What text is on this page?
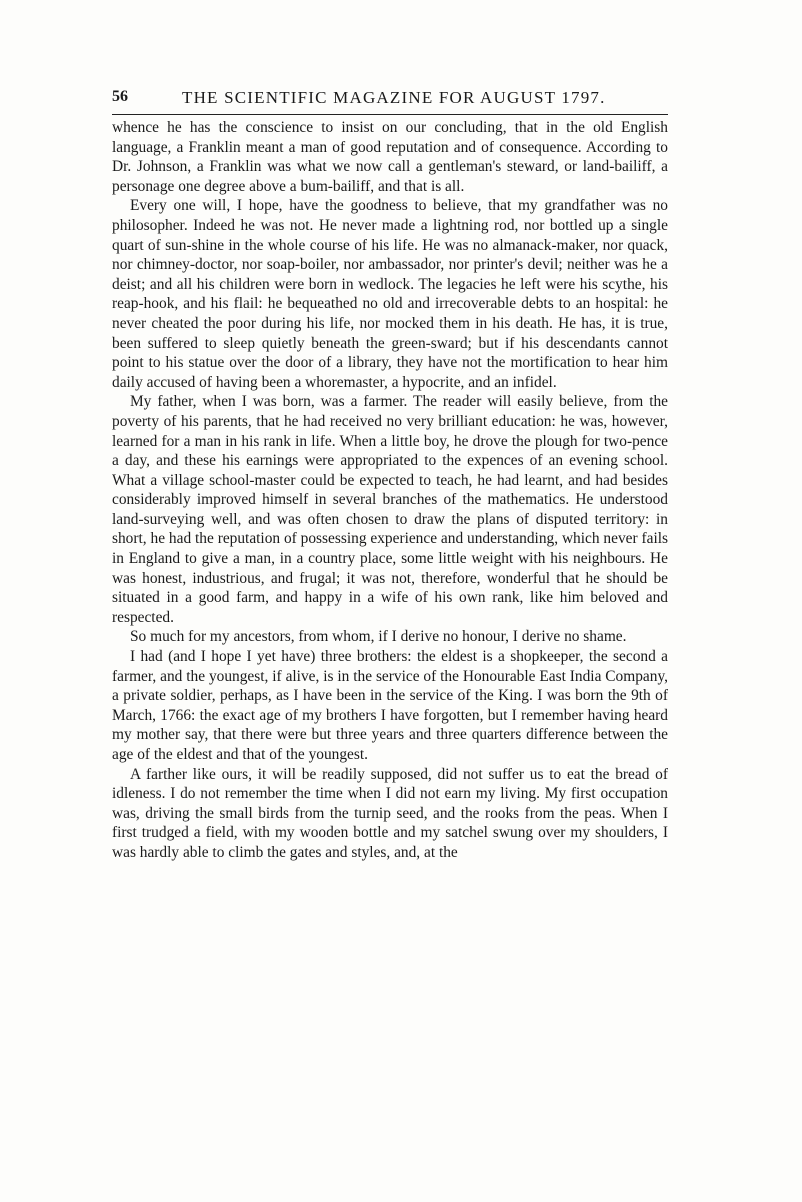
56	THE SCIENTIFIC MAGAZINE FOR AUGUST 1797.

whence he has the conscience to insist on our concluding, that in the old English language, a Franklin meant a man of good reputation and of consequence. According to Dr. Johnson, a Franklin was what we now call a gentleman's steward, or land-bailiff, a personage one degree above a bum-bailiff, and that is all.

Every one will, I hope, have the goodness to believe, that my grandfather was no philosopher. Indeed he was not. He never made a lightning rod, nor bottled up a single quart of sun-shine in the whole course of his life. He was no almanack-maker, nor quack, nor chimney-doctor, nor soap-boiler, nor ambassador, nor printer's devil; neither was he a deist; and all his children were born in wedlock. The legacies he left were his scythe, his reap-hook, and his flail: he bequeathed no old and irrecoverable debts to an hospital: he never cheated the poor during his life, nor mocked them in his death. He has, it is true, been suffered to sleep quietly beneath the green-sward; but if his descendants cannot point to his statue over the door of a library, they have not the mortification to hear him daily accused of having been a whoremaster, a hypocrite, and an infidel.

My father, when I was born, was a farmer. The reader will easily believe, from the poverty of his parents, that he had received no very brilliant education: he was, however, learned for a man in his rank in life. When a little boy, he drove the plough for two-pence a day, and these his earnings were appropriated to the expences of an evening school. What a village school-master could be expected to teach, he had learnt, and had besides considerably improved himself in several branches of the mathematics. He understood land-surveying well, and was often chosen to draw the plans of disputed territory: in short, he had the reputation of possessing experience and understanding, which never fails in England to give a man, in a country place, some little weight with his neighbours. He was honest, industrious, and frugal; it was not, therefore, wonderful that he should be situated in a good farm, and happy in a wife of his own rank, like him beloved and respected.

So much for my ancestors, from whom, if I derive no honour, I derive no shame.

I had (and I hope I yet have) three brothers: the eldest is a shopkeeper, the second a farmer, and the youngest, if alive, is in the service of the Honourable East India Company, a private soldier, perhaps, as I have been in the service of the King. I was born the 9th of March, 1766: the exact age of my brothers I have forgotten, but I remember having heard my mother say, that there were but three years and three quarters difference between the age of the eldest and that of the youngest.

A farther like ours, it will be readily supposed, did not suffer us to eat the bread of idleness. I do not remember the time when I did not earn my living. My first occupation was, driving the small birds from the turnip seed, and the rooks from the peas. When I first trudged a field, with my wooden bottle and my satchel swung over my shoulders, I was hardly able to climb the gates and styles, and, at the
